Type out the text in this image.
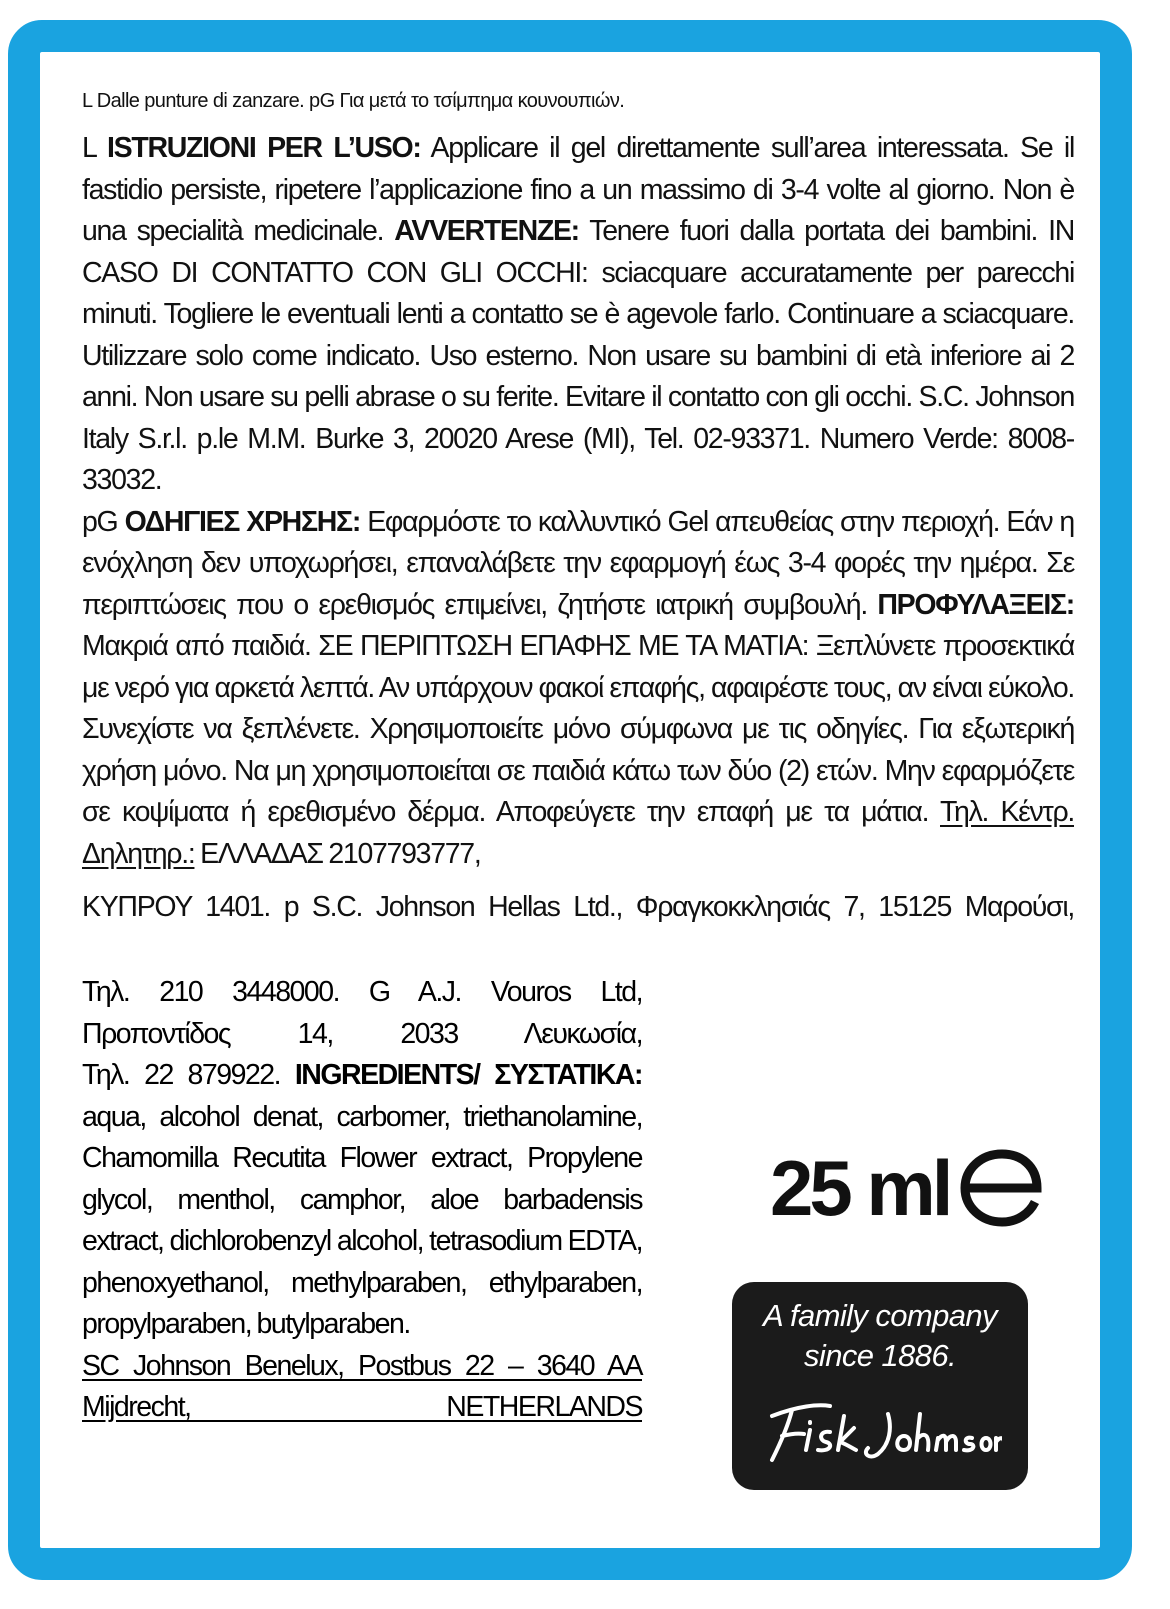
L Dalle punture di zanzare. pG Για μετά το τσίμπημα κουνουπιών.
L ISTRUZIONI PER L’USO: Applicare il gel direttamente sull’area interessata. Se il fastidio persiste, ripetere l’applicazione fino a un massimo di 3-4 volte al giorno. Non è una specialità medicinale. AVVERTENZE: Tenere fuori dalla portata dei bambini. IN CASO DI CONTATTO CON GLI OCCHI: sciacquare accuratamente per parecchi minuti. Togliere le eventuali lenti a contatto se è agevole farlo. Continuare a sciacquare. Utilizzare solo come indicato. Uso esterno. Non usare su bambini di età inferiore ai 2 anni. Non usare su pelli abrase o su ferite. Evitare il contatto con gli occhi. S.C. Johnson Italy S.r.l. p.le M.M. Burke 3, 20020 Arese (MI), Tel. 02-93371. Numero Verde: 8008-33032.
pG ΟΔΗΓΙΕΣ ΧΡΗΣΗΣ: Εφαρμόστε το καλλυντικό Gel απευθείας στην περιοχή. Εάν η ενόχληση δεν υποχωρήσει, επαναλάβετε την εφαρμογή έως 3-4 φορές την ημέρα. Σε περιπτώσεις που ο ερεθισμός επιμείνει, ζητήστε ιατρική συμβουλή. ΠΡΟΦΥΛΑΞΕΙΣ: Μακριά από παιδιά. ΣΕ ΠΕΡΙΠΤΩΣΗ ΕΠΑΦΗΣ ΜΕ ΤΑ ΜΑΤΙΑ: Ξεπλύνετε προσεκτικά με νερό για αρκετά λεπτά. Αν υπάρχουν φακοί επαφής, αφαιρέστε τους, αν είναι εύκολο. Συνεχίστε να ξεπλένετε. Χρησιμοποιείτε μόνο σύμφωνα με τις οδηγίες. Για εξωτερική χρήση μόνο. Να μη χρησιμοποιείται σε παιδιά κάτω των δύο (2) ετών. Μην εφαρμόζετε σε κοψίματα ή ερεθισμένο δέρμα. Αποφεύγετε την επαφή με τα μάτια. Τηλ. Κέντρ. Δηλητηρ.: ΕΛΛΑΔΑΣ 2107793777,
ΚΥΠΡΟΥ 1401. p S.C. Johnson Hellas Ltd., Φραγκοκκλησιάς 7, 15125 Μαρούσι,
Τηλ. 210 3448000. G A.J. Vouros Ltd,
Προποντίδος 14, 2033 Λευκωσία,
Τηλ. 22 879922. INGREDIENTS/ ΣΥΣΤΑΤΙΚΑ:
aqua, alcohol denat, carbomer, triethanolamine, Chamomilla Recutita Flower extract, Propylene glycol, menthol, camphor, aloe barbadensis extract, dichlorobenzyl alcohol, tetrasodium EDTA, phenoxyethanol, methylparaben, ethylparaben, propylparaben, butylparaben.
SC Johnson Benelux, Postbus 22 – 3640 AA Mijdrecht, NETHERLANDS
25 ml
A family company
since 1886.
